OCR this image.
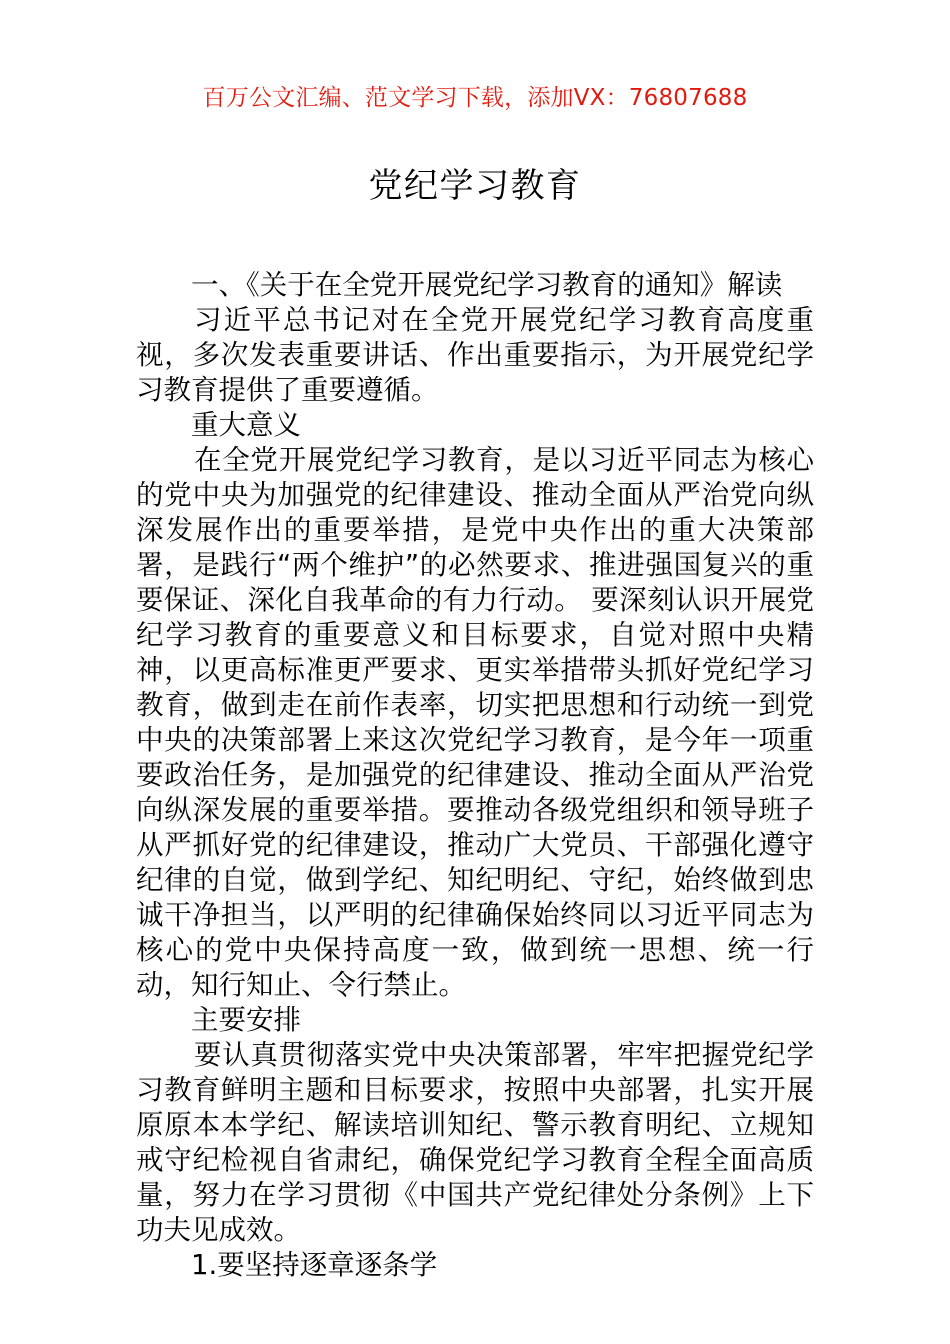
百万公文汇编、范文学习下载，添加VX：76807688
党纪学习教育

一、《关于在全党开展党纪学习教育的通知》解读

习近平总书记对在全党开展党纪学习教育高度重视，多次发表重要讲话、作出重要指示，为开展党纪学习教育提供了重要遵循。

重大意义

在全党开展党纪学习教育，是以习近平同志为核心的党中央为加强党的纪律建设、推动全面从严治党向纵深发展作出的重要举措，是党中央作出的重大决策部署，是践行“两个维护”的必然要求、推进强国复兴的重要保证、深化自我革命的有力行动。 要深刻认识开展党纪学习教育的重要意义和目标要求，自觉对照中央精神，以更高标准更严要求、更实举措带头抓好党纪学习教育，做到走在前作表率，切实把思想和行动统一到党中央的决策部署上来这次党纪学习教育，是今年一项重要政治任务，是加强党的纪律建设、推动全面从严治党向纵深发展的重要举措。要推动各级党组织和领导班子从严抓好党的纪律建设，推动广大党员、干部强化遵守纪律的自觉，做到学纪、知纪明纪、守纪，始终做到忠诚干净担当，以严明的纪律确保始终同以习近平同志为核心的党中央保持高度一致，做到统一思想、统一行动，知行知止、令行禁止。

主要安排

要认真贯彻落实党中央决策部署，牢牢把握党纪学习教育鲜明主题和目标要求，按照中央部署，扎实开展原原本本学纪、解读培训知纪、警示教育明纪、立规知戒守纪检视自省肃纪，确保党纪学习教育全程全面高质量，努力在学习贯彻《中国共产党纪律处分条例》上下功夫见成效。

1.要坚持逐章逐条学
